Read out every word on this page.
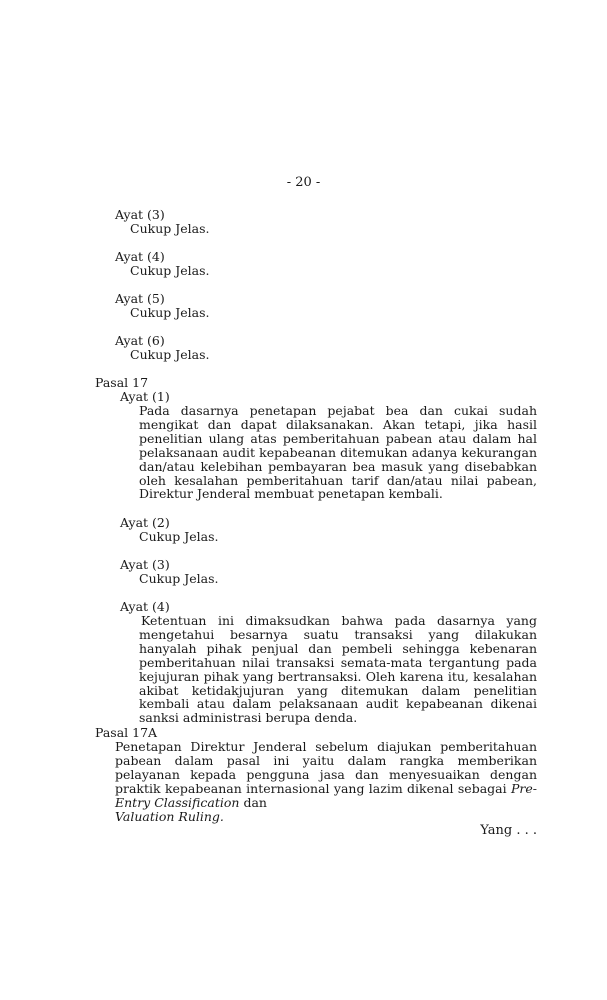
- 20 -
Ayat (3)
Cukup Jelas.
Ayat (4)
Cukup Jelas.
Ayat (5)
Cukup Jelas.
Ayat (6)
Cukup Jelas.
Pasal 17
Ayat (1)

Pada dasarnya penetapan pejabat bea dan cukai sudah mengikat dan dapat dilaksanakan. Akan tetapi, jika hasil penelitian ulang atas pemberitahuan pabean atau dalam hal pelaksanaan audit kepabeanan ditemukan adanya kekurangan dan/atau kelebihan pembayaran bea masuk yang disebabkan oleh kesalahan pemberitahuan tarif dan/atau nilai pabean, Direktur Jenderal membuat penetapan kembali.

Ayat (2)
Cukup Jelas.
Ayat (3)
Cukup Jelas.
Ayat (4)

Ketentuan ini dimaksudkan bahwa pada dasarnya yang mengetahui besarnya suatu transaksi yang dilakukan hanyalah pihak penjual dan pembeli sehingga kebenaran pemberitahuan nilai transaksi semata-mata tergantung pada kejujuran pihak yang bertransaksi. Oleh karena itu, kesalahan akibat ketidakjujuran yang ditemukan dalam penelitian kembali atau dalam pelaksanaan audit kepabeanan dikenai sanksi administrasi berupa denda.

Pasal 17A

Penetapan Direktur Jenderal sebelum diajukan pemberitahuan pabean dalam pasal ini yaitu dalam rangka memberikan pelayanan kepada pengguna jasa dan menyesuaikan dengan praktik kepabeanan internasional yang lazim dikenal sebagai Pre-Entry Classification dan
Valuation Ruling.

Yang . . .
